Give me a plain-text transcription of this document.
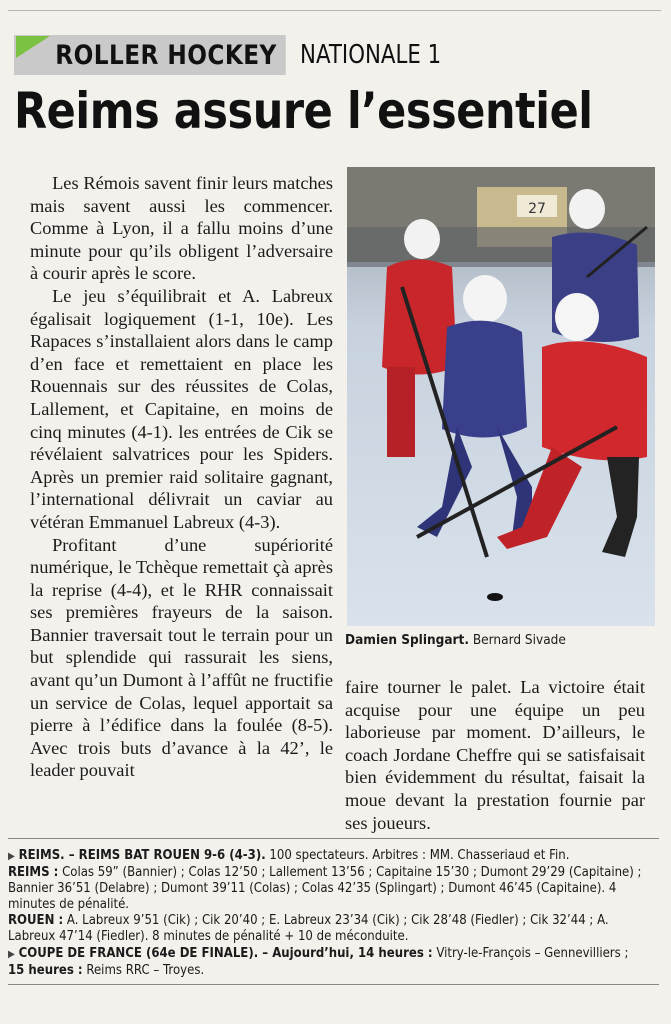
ROLLER HOCKEY NATIONALE 1
Reims assure l’essentiel

Les Rémois savent finir leurs matches mais savent aussi les commencer. Comme à Lyon, il a fallu moins d’une minute pour qu’ils obligent l’adversaire à courir après le score.

Le jeu s’équilibrait et A. Labreux égalisait logiquement (1-1, 10e). Les Rapaces s’installaient alors dans le camp d’en face et remettaient en place les Rouennais sur des réussites de Colas, Lallement, et Capitaine, en moins de cinq minutes (4-1). les entrées de Cik se révélaient salvatrices pour les Spiders. Après un premier raid solitaire gagnant, l’international délivrait un caviar au vétéran Emmanuel Labreux (4-3).

Profitant d’une supériorité numérique, le Tchèque remettait çà après la reprise (4-4), et le RHR connaissait ses premières frayeurs de la saison. Bannier traversait tout le terrain pour un but splendide qui rassurait les siens, avant qu’un Dumont à l’affût ne fructifie un service de Colas, lequel apportait sa pierre à l’édifice dans la foulée (8-5). Avec trois buts d’avance à la 42’, le leader pouvait

27
Damien Splingart. Bernard Sivade

faire tourner le palet. La victoire était acquise pour une équipe un peu laborieuse par moment. D’ailleurs, le coach Jordane Cheffre qui se satisfaisait bien évidemment du résultat, faisait la moue devant la prestation fournie par ses joueurs.

▶ REIMS. – REIMS BAT ROUEN 9-6 (4-3). 100 spectateurs. Arbitres : MM. Chasseriaud et Fin.

REIMS : Colas 59” (Bannier) ; Colas 12’50 ; Lallement 13’56 ; Capitaine 15’30 ; Dumont 29’29 (Capitaine) ; Bannier 36’51 (Delabre) ; Dumont 39’11 (Colas) ; Colas 42’35 (Splingart) ; Dumont 46’45 (Capitaine). 4 minutes de pénalité.

ROUEN : A. Labreux 9’51 (Cik) ; Cik 20’40 ; E. Labreux 23’34 (Cik) ; Cik 28’48 (Fiedler) ; Cik 32’44 ; A. Labreux 47’14 (Fiedler). 8 minutes de pénalité + 10 de méconduite.

▶ COUPE DE FRANCE (64e DE FINALE). – Aujourd’hui, 14 heures : Vitry-le-François – Gennevilliers ;

15 heures : Reims RRC – Troyes.
